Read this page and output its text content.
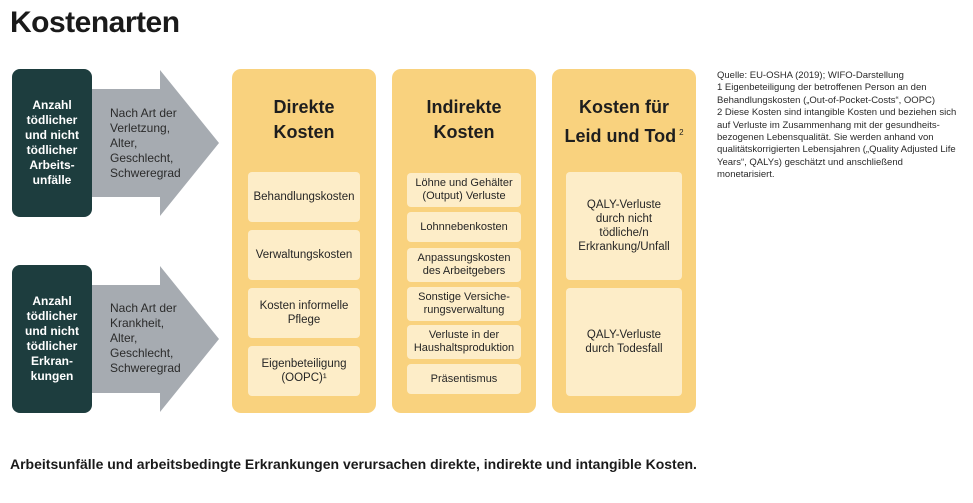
Kostenarten
Anzahl
tödlicher
und nicht
tödlicher
Arbeits-
unfälle
Nach Art der
Verletzung,
Alter,
Geschlecht,
Schweregrad
Anzahl
tödlicher
und nicht
tödlicher
Erkran-
kungen
Nach Art der
Krankheit,
Alter,
Geschlecht,
Schweregrad
Direkte
Kosten
Behandlungskosten
Verwaltungskosten
Kosten informelle
Pflege
Eigenbeteiligung
(OOPC)¹
Indirekte
Kosten
Löhne und Gehälter
(Output) Verluste
Lohnnebenkosten
Anpassungskosten
des Arbeitgebers
Sonstige Versiche-
rungsverwaltung
Verluste in der
Haushaltsproduktion
Präsentismus
Kosten für
Leid und Tod $^2$
QALY-Verluste
durch nicht
tödliche/n
Erkrankung/Unfall
QALY-Verluste
durch Todesfall
Quelle: EU-OSHA (2019); WIFO-Darstellung
1 Eigenbeteiligung der betroffenen Person an den Behandlungskosten („Out-of-Pocket-Costs“, OOPC)
2 Diese Kosten sind intangible Kosten und beziehen sich auf Verluste im Zusammenhang mit der gesundheits-bezogenen Lebensqualität. Sie werden anhand von qualitätskorrigierten Lebensjahren („Quality Adjusted Life Years“, QALYs) geschätzt und anschließend monetarisiert.
Arbeitsunfälle und arbeitsbedingte Erkrankungen verursachen direkte, indirekte und intangible Kosten.
